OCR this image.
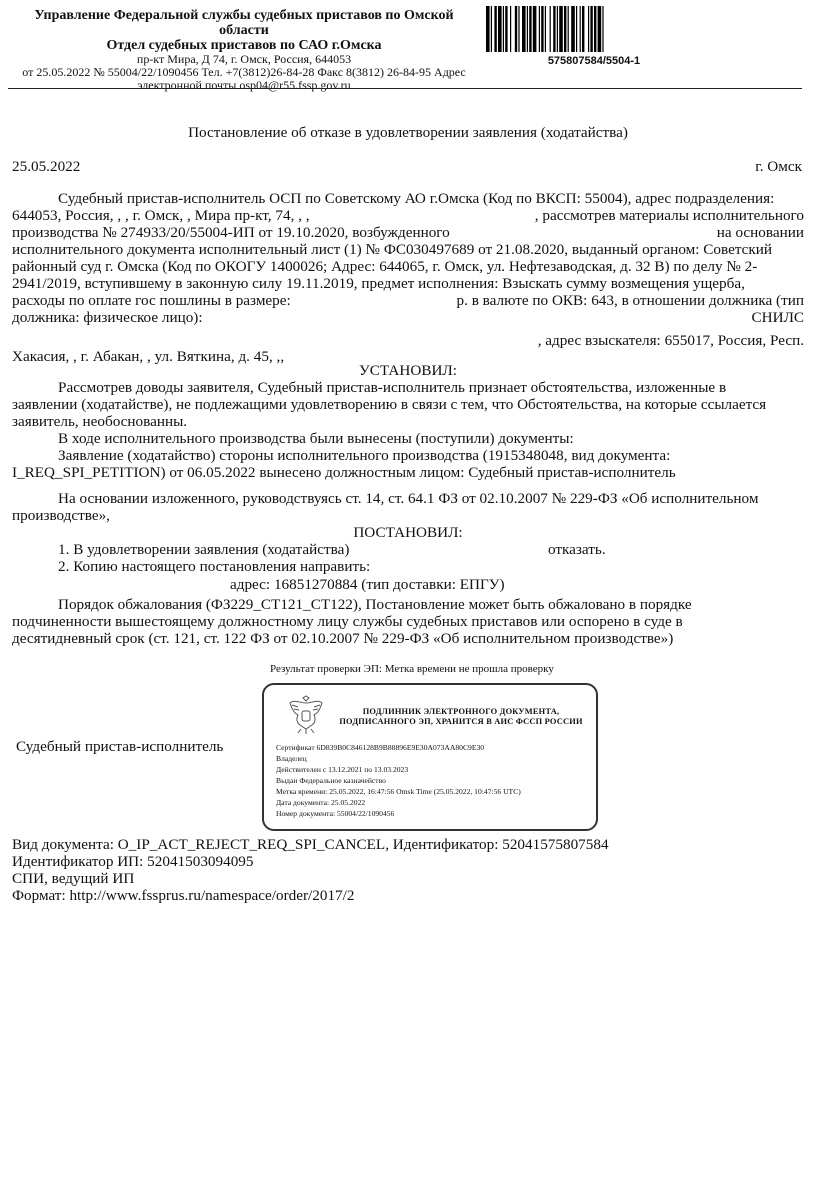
Управление Федеральной службы судебных приставов по Омской
области
Отдел судебных приставов по САО г.Омска
пр-кт Мира, Д 74, г. Омск, Россия, 644053
от 25.05.2022 № 55004/22/1090456 Тел. +7(3812)26-84-28 Факс 8(3812) 26-84-95 Адрес
электронной почты osp04@r55.fssp.gov.ru
575807584/5504-1
Постановление об отказе в удовлетворении заявления (ходатайства)
25.05.2022	г. Омск
Судебный пристав-исполнитель ОСП по Советскому АО г.Омска (Код по ВКСП: 55004), адрес подразделения:
644053, Россия, , , г. Омск, , Мира пр-кт, 74, , ,	, рассмотрев материалы исполнительного
производства № 274933/20/55004-ИП от 19.10.2020, возбужденного	на основании
исполнительного документа исполнительный лист (1) № ФС030497689 от 21.08.2020, выданный органом: Советский
районный суд г. Омска (Код по ОКОГУ 1400026; Адрес: 644065, г. Омск, ул. Нефтезаводская, д. 32 В) по делу № 2-
2941/2019, вступившему в законную силу 19.11.2019, предмет исполнения: Взыскать сумму возмещения ущерба,
расходы по оплате гос пошлины в размере:	р. в валюте по ОКВ: 643, в отношении должника (тип
должника: физическое лицо):	СНИЛС
, адрес взыскателя: 655017, Россия, Респ.
Хакасия, , г. Абакан, , ул. Вяткина, д. 45, ,,
УСТАНОВИЛ:
Рассмотрев доводы заявителя, Судебный пристав-исполнитель признает обстоятельства, изложенные в
заявлении (ходатайстве), не подлежащими удовлетворению в связи с тем, что Обстоятельства, на которые ссылается
заявитель, необоснованны.
В ходе исполнительного производства были вынесены (поступили) документы:
Заявление (ходатайство) стороны исполнительного производства (1915348048, вид документа:
I_REQ_SPI_PETITION) от 06.05.2022 вынесено должностным лицом: Судебный пристав-исполнитель
На основании изложенного, руководствуясь ст. 14, ст. 64.1 ФЗ от 02.10.2007 № 229-ФЗ «Об исполнительном
производстве»,
ПОСТАНОВИЛ:
1. В удовлетворении заявления (ходатайства)	отказать.
2. Копию настоящего постановления направить:
адрес: 16851270884 (тип доставки: ЕПГУ)
Порядок обжалования (ФЗ229_СТ121_СТ122), Постановление может быть обжаловано в порядке
подчиненности вышестоящему должностному лицу службы судебных приставов или оспорено в суде в
десятидневный срок (ст. 121, ст. 122 ФЗ от 02.10.2007 № 229-ФЗ «Об исполнительном производстве»)
Результат проверки ЭП: Метка времени не прошла проверку
Судебный пристав-исполнитель
ПОДЛИННИК ЭЛЕКТРОННОГО ДОКУМЕНТА,
ПОДПИСАННОГО ЭП, ХРАНИТСЯ В АИС ФССП РОССИИ
Сертификат 6D839B0C846128B9B88896E9E30A073AA80C9E30
Владелец
Действителен с 13.12.2021 по 13.03.2023
Выдан Федеральное казначейство
Метка времени: 25.05.2022, 16:47:56 Omsk Time (25.05.2022, 10:47:56 UTC)
Дата документа: 25.05.2022
Номер документа: 55004/22/1090456
Вид документа: O_IP_ACT_REJECT_REQ_SPI_CANCEL, Идентификатор: 52041575807584
Идентификатор ИП: 52041503094095
СПИ, ведущий ИП
Формат: http://www.fssprus.ru/namespace/order/2017/2
